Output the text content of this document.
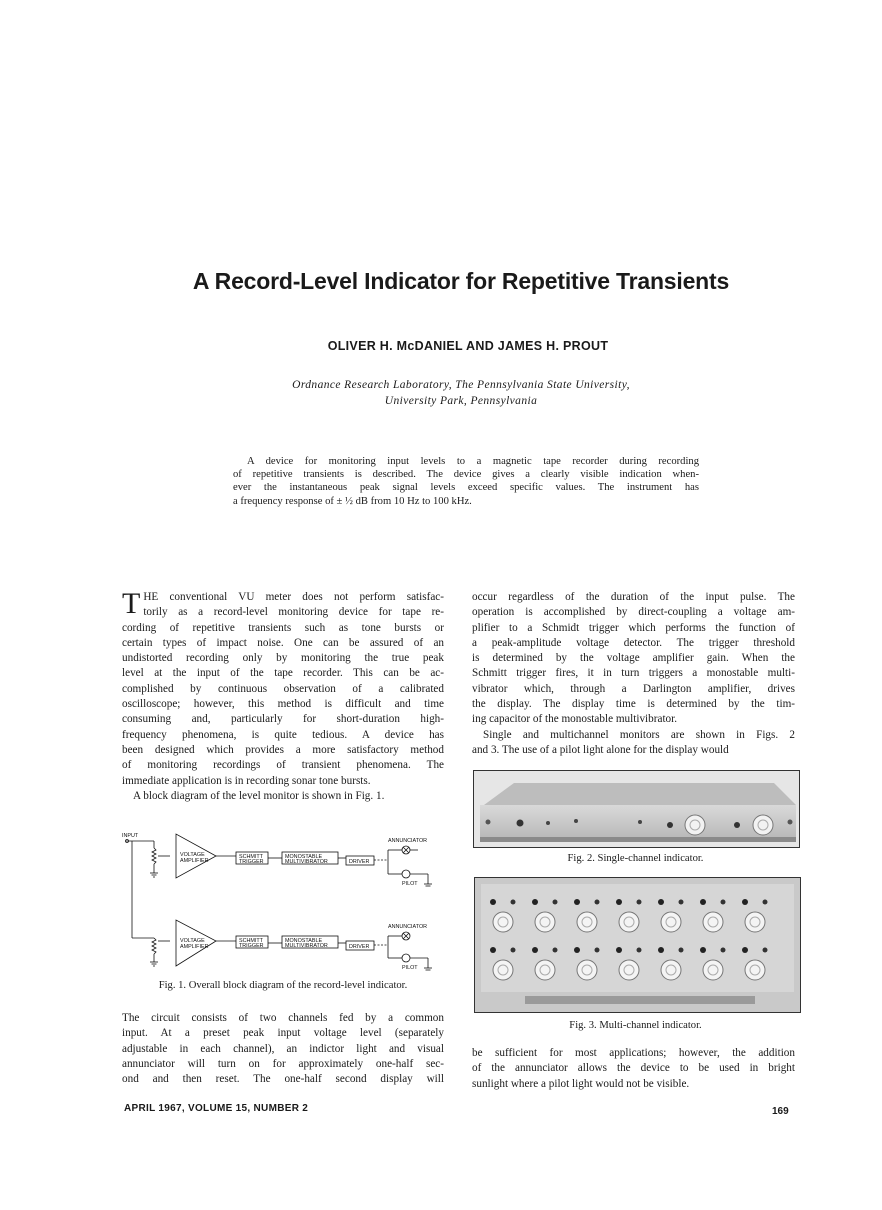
A Record-Level Indicator for Repetitive Transients
OLIVER H. McDANIEL AND JAMES H. PROUT
Ordnance Research Laboratory, The Pennsylvania State University,
University Park, Pennsylvania
A device for monitoring input levels to a magnetic tape recorder during recording
of repetitive transients is described. The device gives a clearly visible indication when-
ever the instantaneous peak signal levels exceed specific values. The instrument has
a frequency response of ± ½ dB from 10 Hz to 100 kHz.
T HE conventional VU meter does not perform satisfac-
torily as a record-level monitoring device for tape re-
cording of repetitive transients such as tone bursts or
certain types of impact noise. One can be assured of an
undistorted recording only by monitoring the true peak
level at the input of the tape recorder. This can be ac-
complished by continuous observation of a calibrated
oscilloscope; however, this method is difficult and time
consuming and, particularly for short-duration high-
frequency phenomena, is quite tedious. A device has
been designed which provides a more satisfactory method
of monitoring recordings of transient phenomena. The
immediate application is in recording sonar tone bursts.
A block diagram of the level monitor is shown in Fig. 1.
INPUT
VOLTAGE
AMPLIFIER
SCHMITT
TRIGGER
MONOSTABLE
MULTIVIBRATOR	DRIVER
ANNUNCIATOR
PILOT
VOLTAGE
AMPLIFIER
SCHMITT
TRIGGER
MONOSTABLE
MULTIVIBRATOR	DRIVER
ANNUNCIATOR
PILOT
Fig. 1. Overall block diagram of the record-level indicator.
The circuit consists of two channels fed by a common
input. At a preset peak input voltage level (separately
adjustable in each channel), an indictor light and visual
annunciator will turn on for approximately one-half sec-
ond and then reset. The one-half second display will
occur regardless of the duration of the input pulse. The
operation is accomplished by direct-coupling a voltage am-
plifier to a Schmidt trigger which performs the function of
a peak-amplitude voltage detector. The trigger threshold
is determined by the voltage amplifier gain. When the
Schmitt trigger fires, it in turn triggers a monostable multi-
vibrator which, through a Darlington amplifier, drives
the display. The display time is determined by the tim-
ing capacitor of the monostable multivibrator.
Single and multichannel monitors are shown in Figs. 2
and 3. The use of a pilot light alone for the display would
Fig. 2. Single-channel indicator.
Fig. 3. Multi-channel indicator.
be sufficient for most applications; however, the addition
of the annunciator allows the device to be used in bright
sunlight where a pilot light would not be visible.
APRIL 1967, VOLUME 15, NUMBER 2	169
